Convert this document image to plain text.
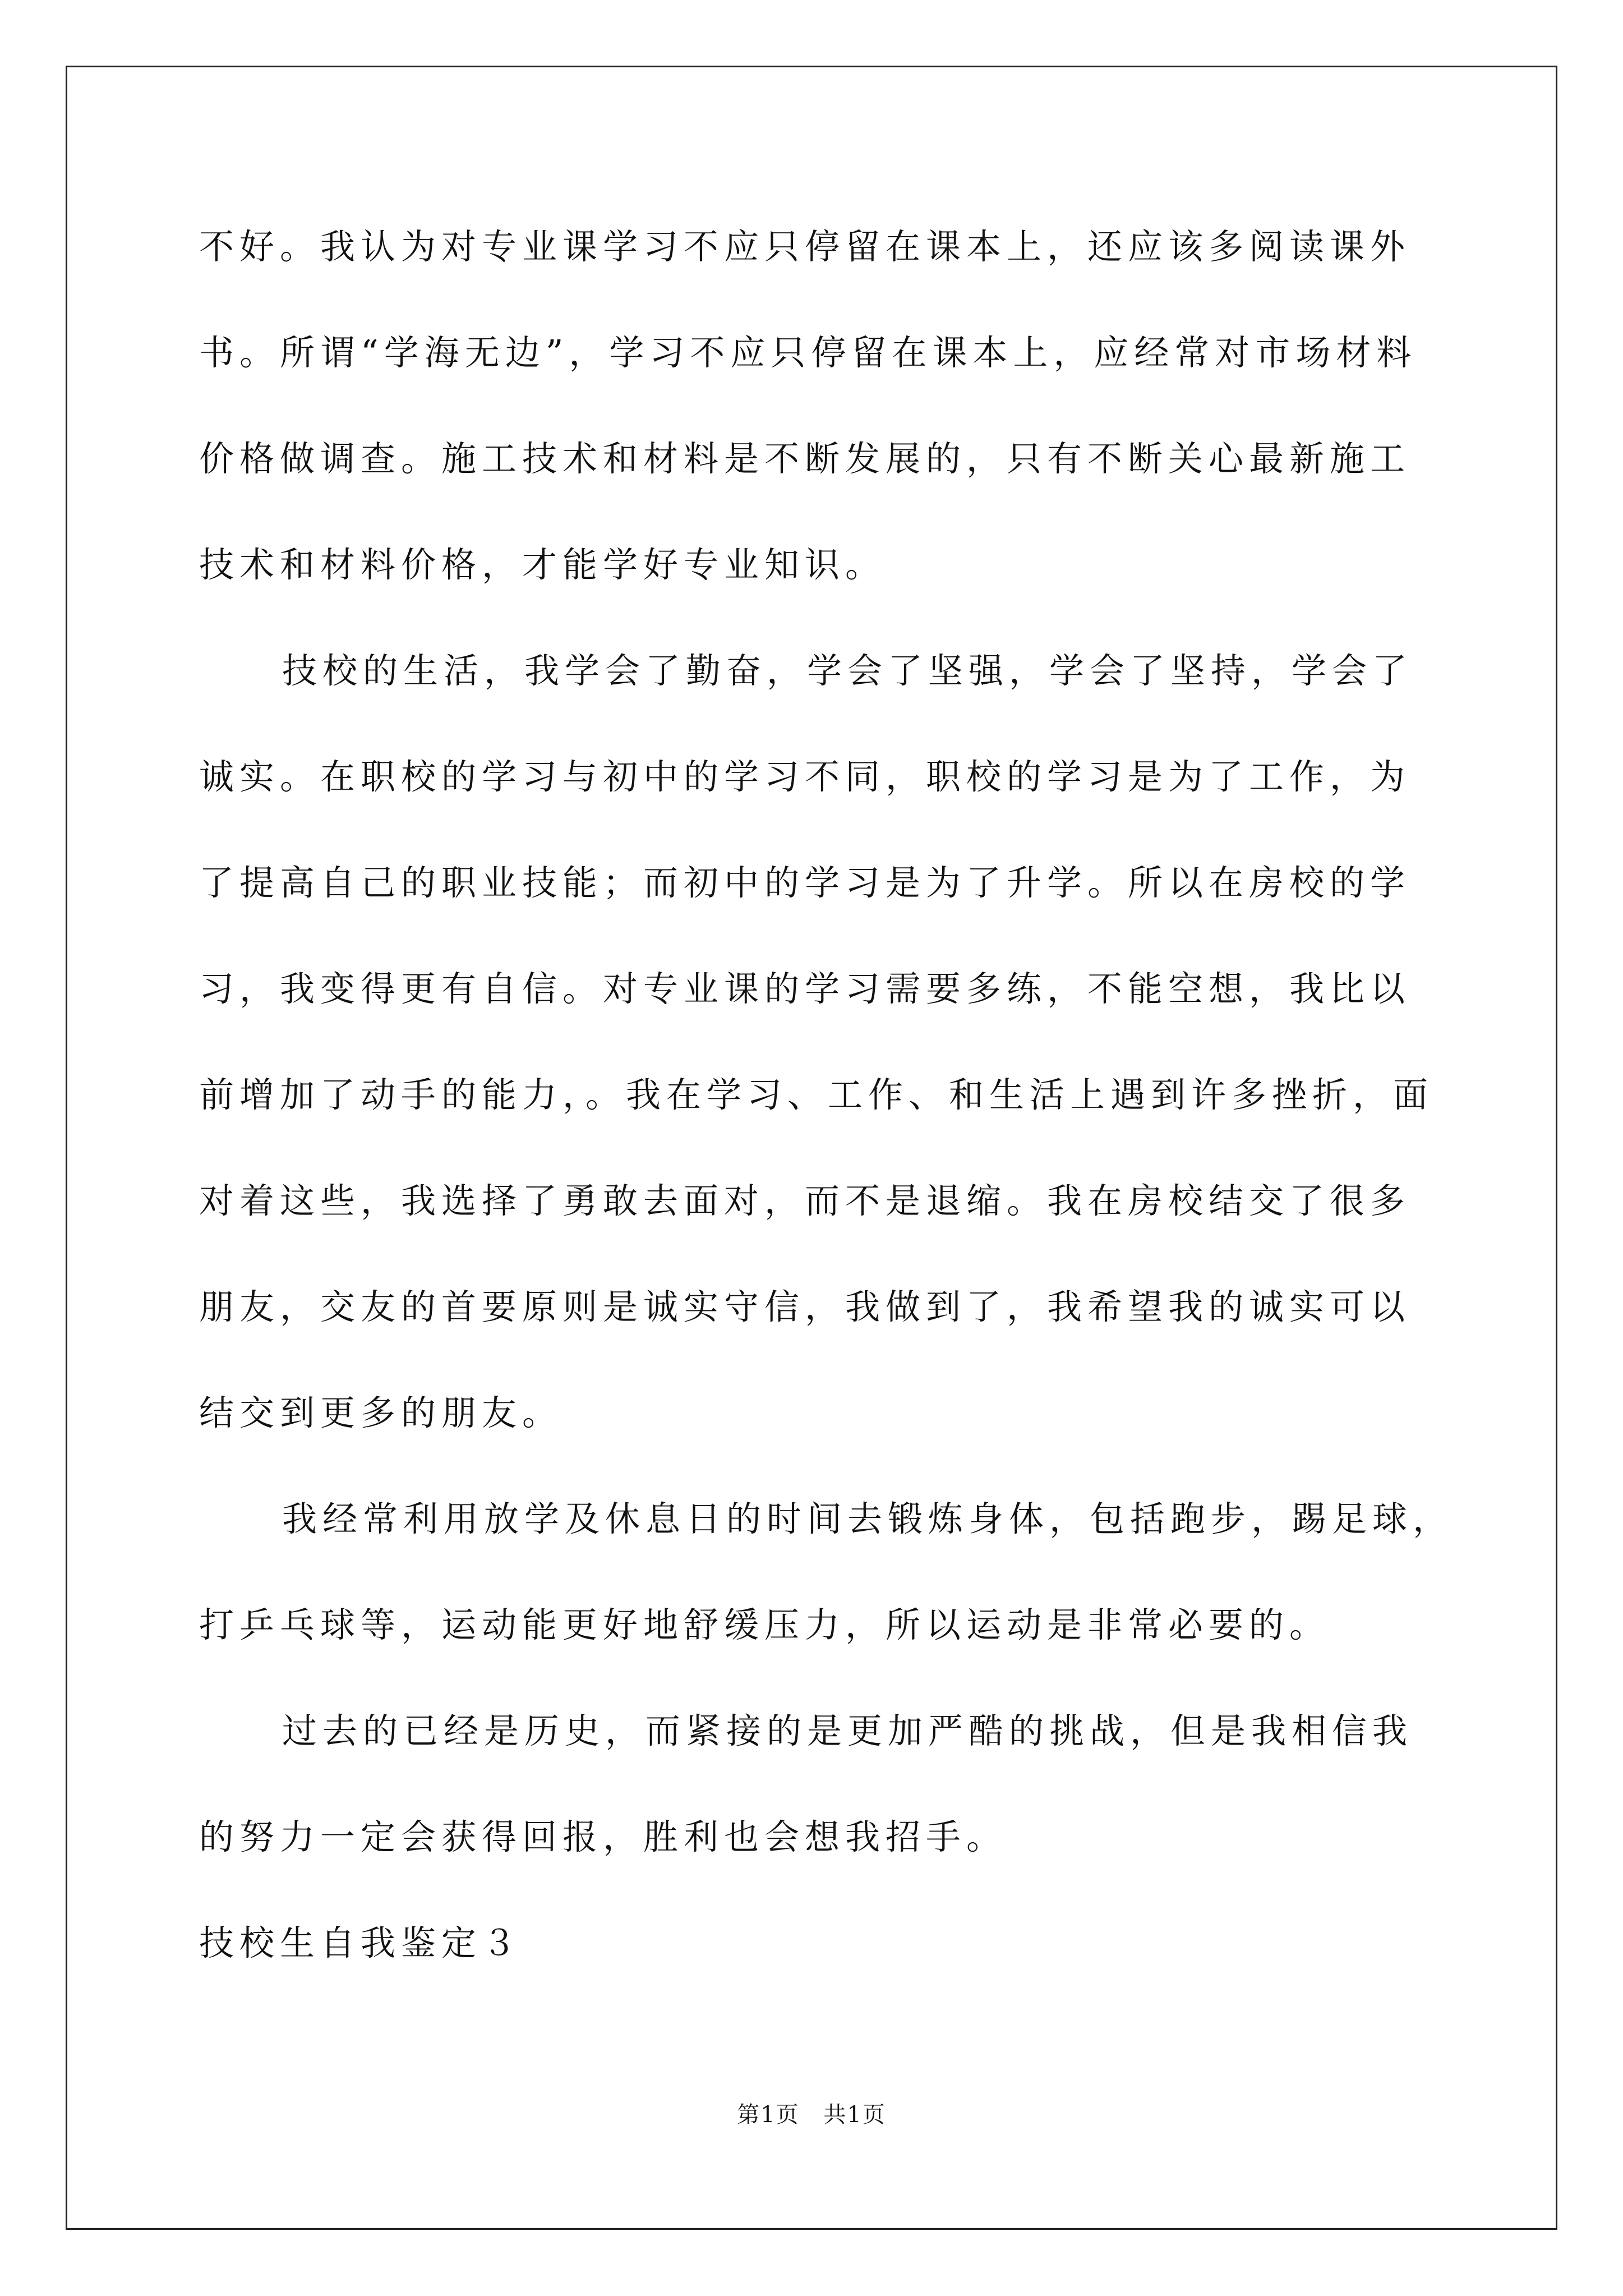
不好。我认为对专业课学习不应只停留在课本上，还应该多阅读课外
书。所谓“学海无边”，学习不应只停留在课本上，应经常对市场材料
价格做调查。施工技术和材料是不断发展的，只有不断关心最新施工
技术和材料价格，才能学好专业知识。
技校的生活，我学会了勤奋，学会了坚强，学会了坚持，学会了
诚实。在职校的学习与初中的学习不同，职校的学习是为了工作，为
了提高自己的职业技能；而初中的学习是为了升学。所以在房校的学
习，我变得更有自信。对专业课的学习需要多练，不能空想，我比以
前增加了动手的能力，。我在学习、工作、和生活上遇到许多挫折，面
对着这些，我选择了勇敢去面对，而不是退缩。我在房校结交了很多
朋友，交友的首要原则是诚实守信，我做到了，我希望我的诚实可以
结交到更多的朋友。
我经常利用放学及休息日的时间去锻炼身体，包括跑步，踢足球，
打乒乓球等，运动能更好地舒缓压力，所以运动是非常必要的。
过去的已经是历史，而紧接的是更加严酷的挑战，但是我相信我
的努力一定会获得回报，胜利也会想我招手。
技校生自我鉴定３
第1页 共1页
